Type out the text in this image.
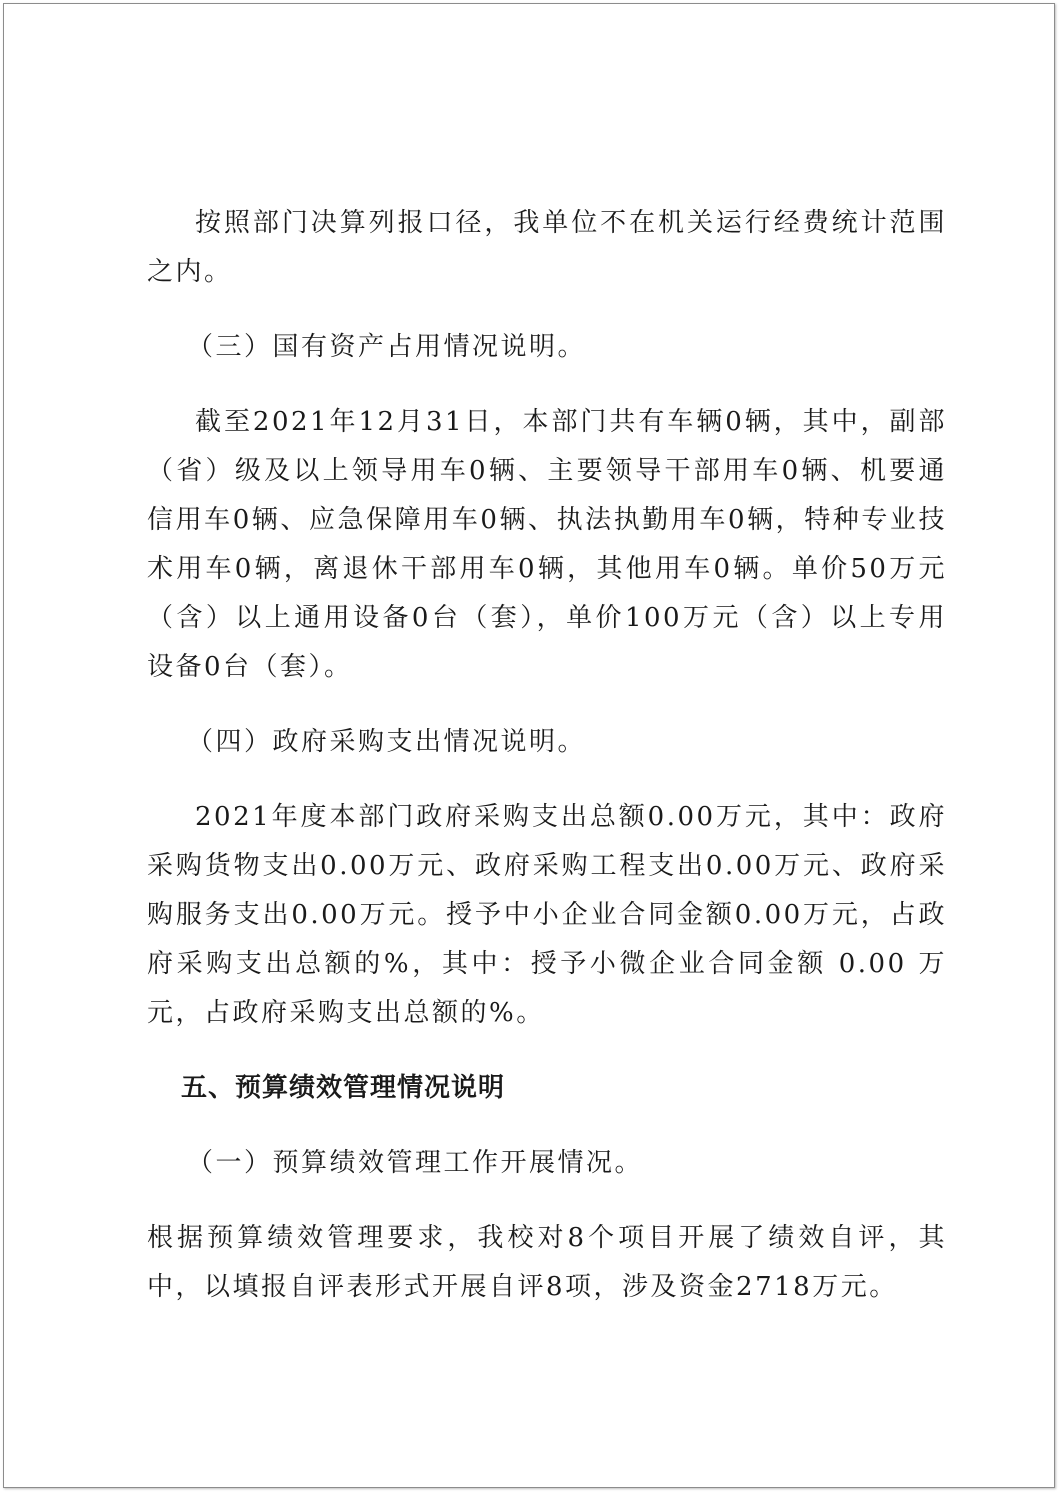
按照部门决算列报口径，我单位不在机关运行经费统计范围之内。

（三）国有资产占用情况说明。

截至2021年12月31日，本部门共有车辆0辆，其中，副部（省）级及以上领导用车0辆、主要领导干部用车0辆、机要通信用车0辆、应急保障用车0辆、执法执勤用车0辆，特种专业技术用车0辆，离退休干部用车0辆，其他用车0辆。单价50万元（含）以上通用设备0台（套），单价100万元（含）以上专用设备0台（套）。

（四）政府采购支出情况说明。

2021年度本部门政府采购支出总额0.00万元，其中：政府采购货物支出0.00万元、政府采购工程支出0.00万元、政府采购服务支出0.00万元。授予中小企业合同金额0.00万元，占政府采购支出总额的%，其中：授予小微企业合同金额 0.00 万元，占政府采购支出总额的%。

五、预算绩效管理情况说明

（一）预算绩效管理工作开展情况。

根据预算绩效管理要求，我校对8个项目开展了绩效自评，其中，以填报自评表形式开展自评8项，涉及资金2718万元。
